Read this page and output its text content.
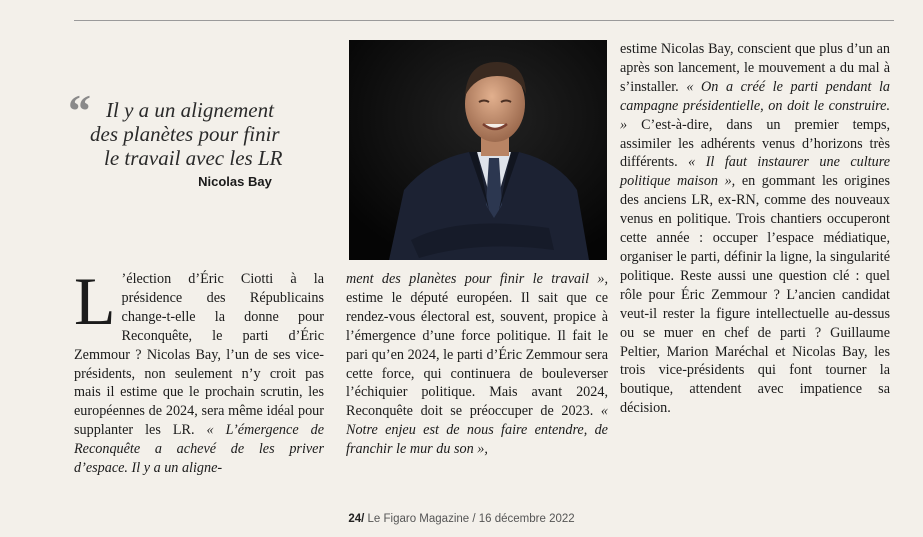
“ Il y a un alignement
des planètes pour finir
le travail avec les LR
Nicolas Bay
L ’élection d’Éric Ciotti à la présidence des Républicains change-t-elle la donne pour Reconquête, le parti d’Éric Zemmour ? Nicolas Bay, l’un de ses vice-présidents, non seulement n’y croit pas mais il estime que le prochain scrutin, les européennes de 2024, sera même idéal pour supplanter les LR. « L’émergence de Reconquête a achevé de les priver d’espace. Il y a un aligne-
ment des planètes pour finir le travail », estime le député européen. Il sait que ce rendez-vous électoral est, souvent, propice à l’émergence d’une force politique. Il fait le pari qu’en 2024, le parti d’Éric Zemmour sera cette force, qui continuera de bouleverser l’échiquier politique. Mais avant 2024, Reconquête doit se préoccuper de 2023. « Notre enjeu est de nous faire entendre, de franchir le mur du son »,
estime Nicolas Bay, conscient que plus d’un an après son lancement, le mouvement a du mal à s’installer. « On a créé le parti pendant la campagne présidentielle, on doit le construire. » C’est-à-dire, dans un premier temps, assimiler les adhérents venus d’horizons très différents. « Il faut instaurer une culture politique maison », en gommant les origines des anciens LR, ex-RN, comme des nouveaux venus en politique. Trois chantiers occuperont cette année : occuper l’espace médiatique, organiser le parti, définir la ligne, la singularité politique. Reste aussi une question clé : quel rôle pour Éric Zemmour ? L’ancien candidat veut-il rester la figure intellectuelle au-dessus ou se muer en chef de parti ? Guillaume Peltier, Marion Maréchal et Nicolas Bay, les trois vice-présidents qui font tourner la boutique, attendent avec impatience sa décision.
24/ Le Figaro Magazine / 16 décembre 2022
